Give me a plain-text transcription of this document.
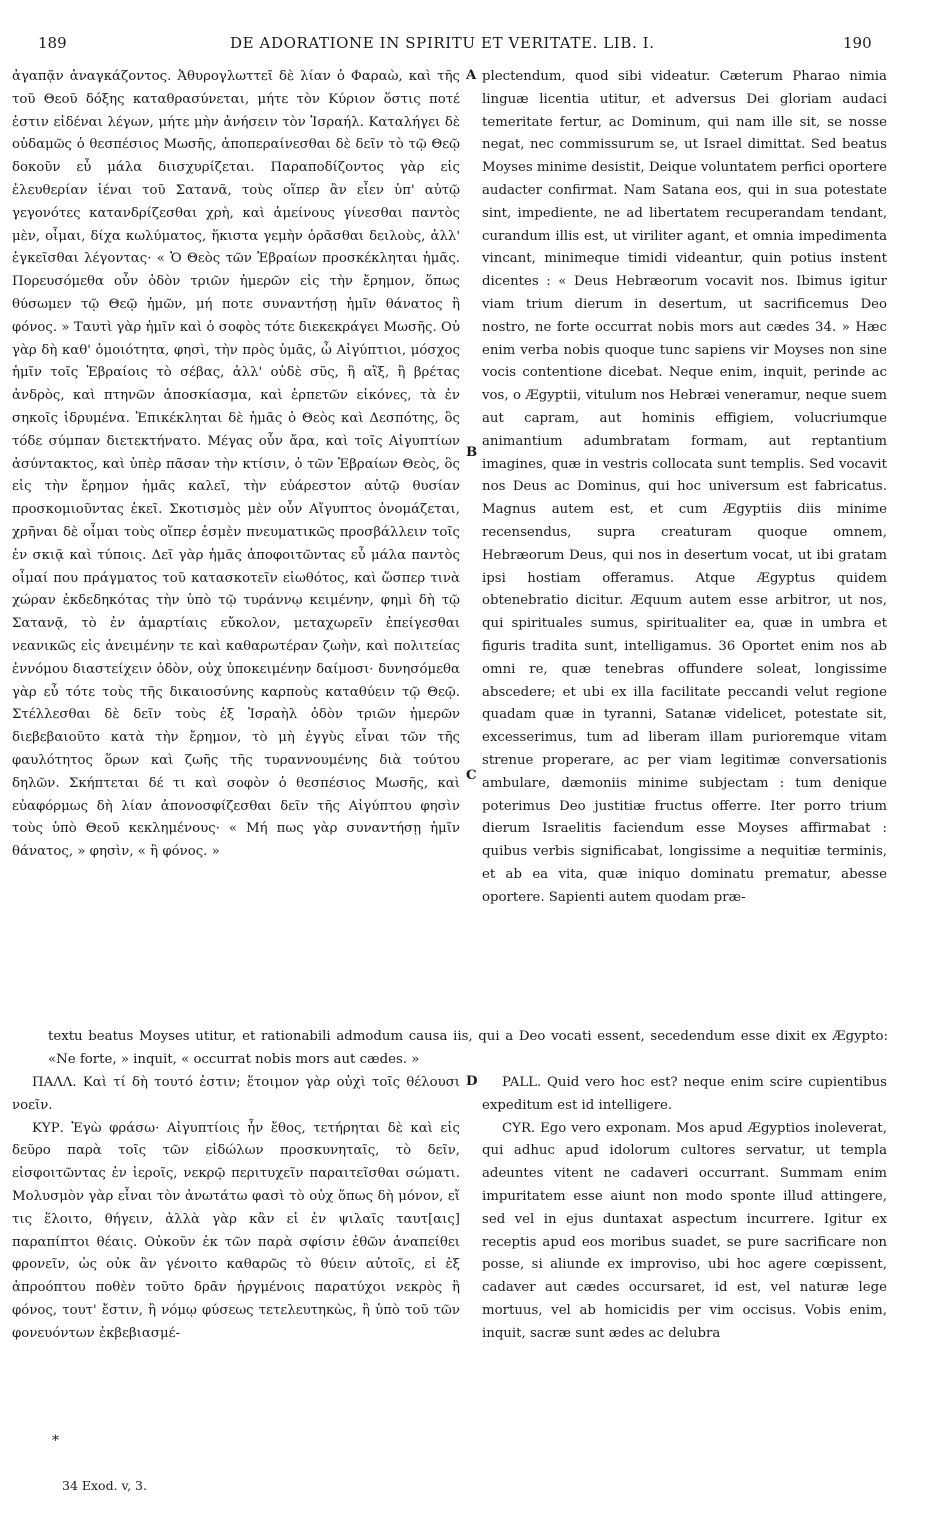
189	DE ADORATIONE IN SPIRITU ET VERITATE. LIB. I.	190

ἀγαπᾷν ἀναγκάζοντος. Ἀθυρογλωττεῖ δὲ λίαν ὁ Φαραὼ, καὶ τῆς τοῦ Θεοῦ δόξης καταθρασύνεται, μήτε τὸν Κύριον ὅστις ποτέ ἐστιν εἰδέναι λέγων, μήτε μὴν ἀνήσειν τὸν Ἰσραήλ. Καταλήγει δὲ οὐδαμῶς ὁ θεσπέσιος Μωσῆς, ἀποπεραίνεσθαι δὲ δεῖν τὸ τῷ Θεῷ δοκοῦν εὖ μάλα διισχυρίζεται. Παραποδίζοντος γὰρ εἰς ἐλευθερίαν ἰέναι τοῦ Σατανᾶ, τοὺς οἵπερ ἂν εἶεν ὑπ' αὐτῷ γεγονότες κατανδρίζεσθαι χρὴ, καὶ ἀμείνους γίνεσθαι παντὸς μὲν, οἶμαι, δίχα κωλύματος, ἥκιστα γεμὴν ὁρᾶσθαι δειλοὺς, ἀλλ' ἐγκεῖσθαι λέγοντας· « Ὁ Θεὸς τῶν Ἑβραίων προσκέκληται ἡμᾶς. Πορευσόμεθα οὖν ὁδὸν τριῶν ἡμερῶν εἰς τὴν ἔρημον, ὅπως θύσωμεν τῷ Θεῷ ἡμῶν, μή ποτε συναντήσῃ ἡμῖν θάνατος ἢ φόνος. » Ταυτὶ γὰρ ἡμῖν καὶ ὁ σοφὸς τότε διεκεκράγει Μωσῆς. Οὐ γὰρ δὴ καθ' ὁμοιότητα, φησὶ, τὴν πρὸς ὑμᾶς, ὦ Αἰγύπτιοι, μόσχος ἡμῖν τοῖς Ἑβραίοις τὸ σέβας, ἀλλ' οὐδὲ σῦς, ἢ αἲξ, ἢ βρέτας ἀνδρὸς, καὶ πτηνῶν ἀποσκίασμα, καὶ ἑρπετῶν εἰκόνες, τὰ ἐν σηκοῖς ἱδρυμένα. Ἐπικέκληται δὲ ἡμᾶς ὁ Θεὸς καὶ Δεσπότης, ὃς τόδε σύμπαν διετεκτήνατο. Μέγας οὖν ἄρα, καὶ τοῖς Αἰγυπτίων ἀσύντακτος, καὶ ὑπὲρ πᾶσαν τὴν κτίσιν, ὁ τῶν Ἑβραίων Θεὸς, ὃς εἰς τὴν ἔρημον ἡμᾶς καλεῖ, τὴν εὐάρεστον αὐτῷ θυσίαν προσκομιοῦντας ἐκεῖ. Σκοτισμὸς μὲν οὖν Αἴγυπτος ὀνομάζεται, χρῆναι δὲ οἶμαι τοὺς οἵπερ ἐσμὲν πνευματικῶς προσβάλλειν τοῖς ἐν σκιᾷ καὶ τύποις. Δεῖ γὰρ ἡμᾶς ἀποφοιτῶντας εὖ μάλα παντὸς οἶμαί που πράγματος τοῦ κατασκοτεῖν εἰωθότος, καὶ ὥσπερ τινὰ χώραν ἐκδεδηκότας τὴν ὑπὸ τῷ τυράννῳ κειμένην, φημὶ δὴ τῷ Σατανᾷ, τὸ ἐν ἁμαρτίαις εὔκολον, μεταχωρεῖν ἐπείγεσθαι νεανικῶς εἰς ἀνειμένην τε καὶ καθαρωτέραν ζωὴν, καὶ πολιτείας ἐννόμου διαστείχειν ὁδὸν, οὐχ ὑποκειμένην δαίμοσι· δυνησόμεθα γὰρ εὖ τότε τοὺς τῆς δικαιοσύνης καρποὺς καταθύειν τῷ Θεῷ. Στέλλεσθαι δὲ δεῖν τοὺς ἐξ Ἰσραὴλ ὁδὸν τριῶν ἡμερῶν διεβεβαιοῦτο κατὰ τὴν ἔρημον, τὸ μὴ ἐγγὺς εἶναι τῶν τῆς φαυλότητος ὅρων καὶ ζωῆς τῆς τυραννουμένης διὰ τούτου δηλῶν. Σκήπτεται δέ τι καὶ σοφὸν ὁ θεσπέσιος Μωσῆς, καὶ εὐαφόρμως δὴ λίαν ἀπονοσφίζεσθαι δεῖν τῆς Αἰγύπτου φησὶν τοὺς ὑπὸ Θεοῦ κεκλημένους· « Μή πως γὰρ συναντήσῃ ἡμῖν θάνατος, » φησὶν, « ἢ φόνος. »

plectendum, quod sibi videatur. Cæterum Pharao nimia linguæ licentia utitur, et adversus Dei gloriam audaci temeritate fertur, ac Dominum, qui nam ille sit, se nosse negat, nec commissurum se, ut Israel dimittat. Sed beatus Moyses minime desistit, Deique voluntatem perfici oportere audacter confirmat. Nam Satana eos, qui in sua potestate sint, impediente, ne ad libertatem recuperandam tendant, curandum illis est, ut viriliter agant, et omnia impedimenta vincant, minimeque timidi videantur, quin potius instent dicentes : « Deus Hebræorum vocavit nos. Ibimus igitur viam trium dierum in desertum, ut sacrificemus Deo nostro, ne forte occurrat nobis mors aut cædes 34. » Hæc enim verba nobis quoque tunc sapiens vir Moyses non sine vocis contentione dicebat. Neque enim, inquit, perinde ac vos, o Ægyptii, vitulum nos Hebræi veneramur, neque suem aut capram, aut hominis effigiem, volucriumque animantium adumbratam formam, aut reptantium imagines, quæ in vestris collocata sunt templis. Sed vocavit nos Deus ac Dominus, qui hoc universum est fabricatus. Magnus autem est, et cum Ægyptiis diis minime recensendus, supra creaturam quoque omnem, Hebræorum Deus, qui nos in desertum vocat, ut ibi gratam ipsi hostiam offeramus. Atque Ægyptus quidem obtenebratio dicitur. Æquum autem esse arbitror, ut nos, qui spirituales sumus, spiritualiter ea, quæ in umbra et figuris tradita sunt, intelligamus. 36 Oportet enim nos ab omni re, quæ tenebras offundere soleat, longissime abscedere; et ubi ex illa facilitate peccandi velut regione quadam quæ in tyranni, Satanæ videlicet, potestate sit, excesserimus, tum ad liberam illam purioremque vitam strenue properare, ac per viam legitimæ conversationis ambulare, dæmoniis minime subjectam : tum denique poterimus Deo justitiæ fructus offerre. Iter porro trium dierum Israelitis faciendum esse Moyses affirmabat : quibus verbis significabat, longissime a nequitiæ terminis, et ab ea vita, quæ iniquo dominatu prematur, abesse oportere. Sapienti autem quodam præ-

A
B
C
D
textu beatus Moyses utitur, et rationabili admodum causa iis, qui a Deo vocati essent, secedendum esse dixit ex Ægypto: «Ne forte, » inquit, « occurrat nobis mors aut cædes. »

ΠΑΛΛ. Καὶ τί δὴ τουτό ἐστιν; ἕτοιμον γὰρ οὐχὶ τοῖς θέλουσι νοεῖν.

ΚΥΡ. Ἐγὼ φράσω· Αἰγυπτίοις ἦν ἔθος, τετήρηται δὲ καὶ εἰς δεῦρο παρὰ τοῖς τῶν εἰδώλων προσκυνηταῖς, τὸ δεῖν, εἰσφοιτῶντας ἐν ἱεροῖς, νεκρῷ περιτυχεῖν παραιτεῖσθαι σώματι. Μολυσμὸν γὰρ εἶναι τὸν ἀνωτάτω φασὶ τὸ οὐχ ὅπως δὴ μόνον, εἴ τις ἕλοιτο, θήγειν, ἀλλὰ γὰρ κἂν εἰ ἐν ψιλαῖς ταυτ[αις] παραπίπτοι θέαις. Οὐκοῦν ἐκ τῶν παρὰ σφίσιν ἐθῶν ἀναπείθει φρονεῖν, ὡς οὐκ ἂν γένοιτο καθαρῶς τὸ θύειν αὐτοῖς, εἰ ἐξ ἀπροόπτου ποθὲν τοῦτο δρᾶν ἠργμένοις παρατύχοι νεκρὸς ἢ φόνος, τουτ' ἔστιν, ἢ νόμῳ φύσεως τετελευτηκὼς, ἢ ὑπὸ τοῦ τῶν φονευόντων ἐκβεβιασμέ-

PALL. Quid vero hoc est? neque enim scire cupientibus expeditum est id intelligere.

CYR. Ego vero exponam. Mos apud Ægyptios inoleverat, qui adhuc apud idolorum cultores servatur, ut templa adeuntes vitent ne cadaveri occurrant. Summam enim impuritatem esse aiunt non modo sponte illud attingere, sed vel in ejus duntaxat aspectum incurrere. Igitur ex receptis apud eos moribus suadet, se pure sacrificare non posse, si aliunde ex improviso, ubi hoc agere cœpissent, cadaver aut cædes occursaret, id est, vel naturæ lege mortuus, vel ab homicidis per vim occisus. Vobis enim, inquit, sacræ sunt ædes ac delubra

*
34 Exod. v, 3.
